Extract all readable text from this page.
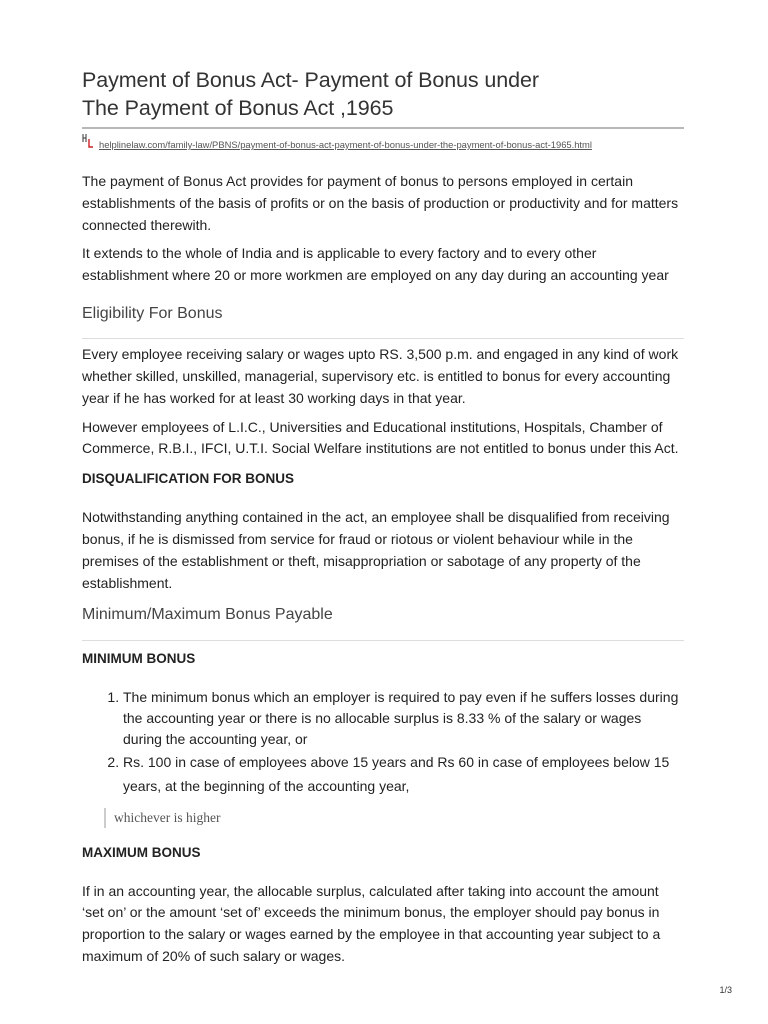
Payment of Bonus Act- Payment of Bonus under
The Payment of Bonus Act ,1965
helplinelaw.com/family-law/PBNS/payment-of-bonus-act-payment-of-bonus-under-the-payment-of-bonus-act-1965.html

The payment of Bonus Act provides for payment of bonus to persons employed in certain establishments of the basis of profits or on the basis of production or productivity and for matters connected therewith.

It extends to the whole of India and is applicable to every factory and to every other establishment where 20 or more workmen are employed on any day during an accounting year

Eligibility For Bonus

Every employee receiving salary or wages upto RS. 3,500 p.m. and engaged in any kind of work whether skilled, unskilled, managerial, supervisory etc. is entitled to bonus for every accounting year if he has worked for at least 30 working days in that year.

However employees of L.I.C., Universities and Educational institutions, Hospitals, Chamber of Commerce, R.B.I., IFCI, U.T.I. Social Welfare institutions are not entitled to bonus under this Act.

DISQUALIFICATION FOR BONUS

Notwithstanding anything contained in the act, an employee shall be disqualified from receiving bonus, if he is dismissed from service for fraud or riotous or violent behaviour while in the premises of the establishment or theft, misappropriation or sabotage of any property of the establishment.

Minimum/Maximum Bonus Payable
MINIMUM BONUS
1. The minimum bonus which an employer is required to pay even if he suffers losses during the accounting year or there is no allocable surplus is 8.33 % of the salary or wages during the accounting year, or
2. Rs. 100 in case of employees above 15 years and Rs 60 in case of employees below 15 years, at the beginning of the accounting year,
whichever is higher
MAXIMUM BONUS

If in an accounting year, the allocable surplus, calculated after taking into account the amount ‘set on’ or the amount ‘set of’ exceeds the minimum bonus, the employer should pay bonus in proportion to the salary or wages earned by the employee in that accounting year subject to a maximum of 20% of such salary or wages.

1/3
